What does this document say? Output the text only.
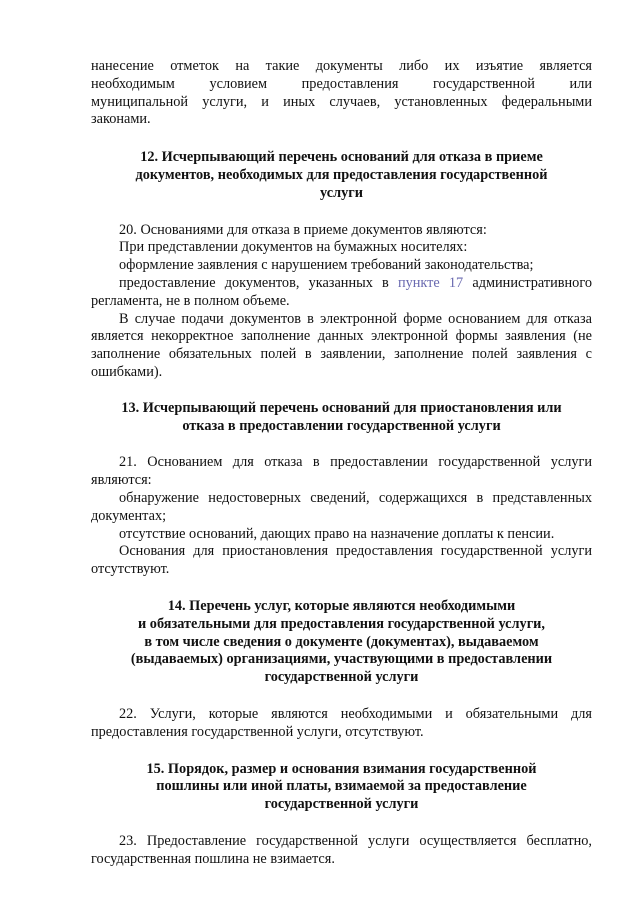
нанесение отметок на такие документы либо их изъятие является

необходимым условием предоставления государственной или

муниципальной услуги, и иных случаев, установленных федеральными

законами.

12. Исчерпывающий перечень оснований для отказа в приеме
документов, необходимых для предоставления государственной
услуги

20. Основаниями для отказа в приеме документов являются:

При представлении документов на бумажных носителях:

оформление заявления с нарушением требований законодательства;

предоставление документов, указанных в пункте 17 административного регламента, не в полном объеме.

В случае подачи документов в электронной форме основанием для отказа является некорректное заполнение данных электронной формы заявления (не заполнение обязательных полей в заявлении, заполнение полей заявления с ошибками).

13. Исчерпывающий перечень оснований для приостановления или
отказа в предоставлении государственной услуги

21. Основанием для отказа в предоставлении государственной услуги являются:

обнаружение недостоверных сведений, содержащихся в представленных документах;

отсутствие оснований, дающих право на назначение доплаты к пенсии.

Основания для приостановления предоставления государственной услуги отсутствуют.

14. Перечень услуг, которые являются необходимыми
и обязательными для предоставления государственной услуги,
в том числе сведения о документе (документах), выдаваемом
(выдаваемых) организациями, участвующими в предоставлении
государственной услуги

22. Услуги, которые являются необходимыми и обязательными для предоставления государственной услуги, отсутствуют.

15. Порядок, размер и основания взимания государственной
пошлины или иной платы, взимаемой за предоставление
государственной услуги

23. Предоставление государственной услуги осуществляется бесплатно, государственная пошлина не взимается.
